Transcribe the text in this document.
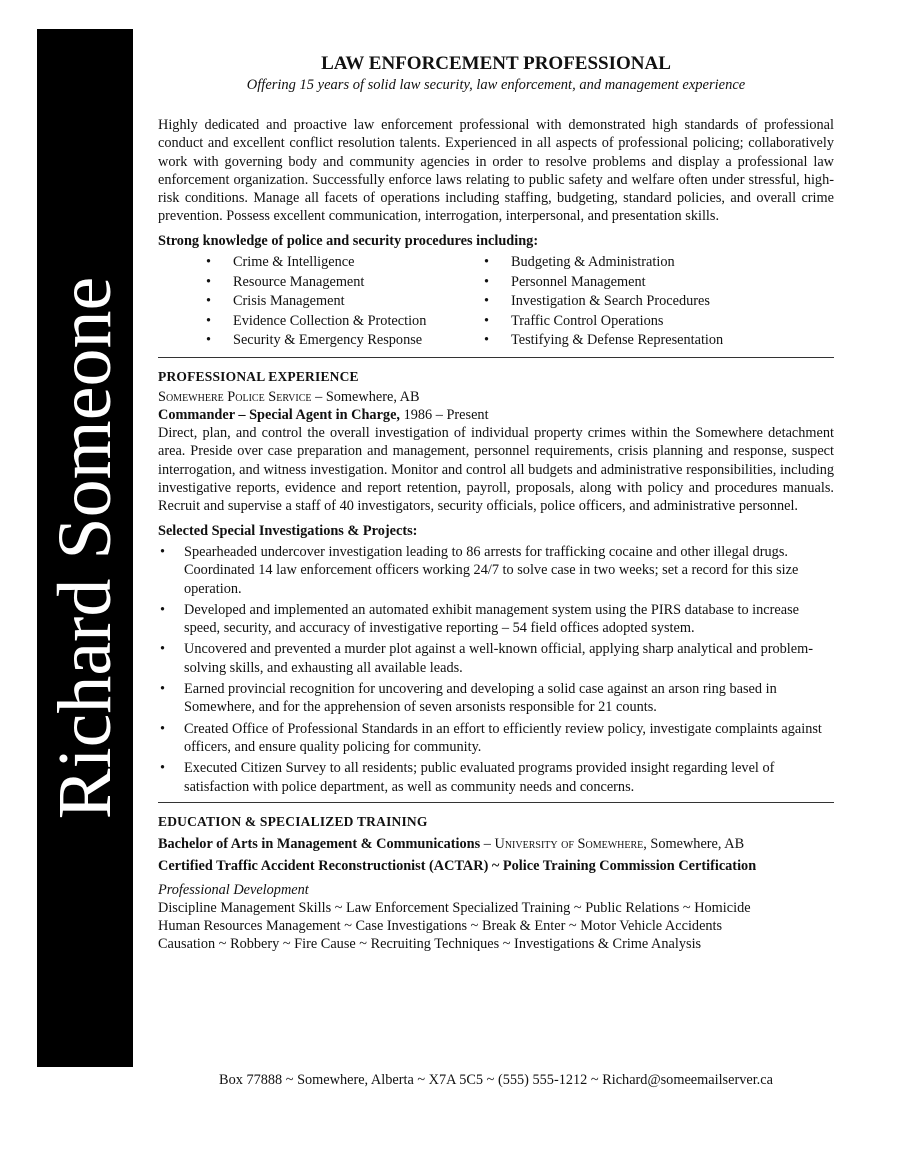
Richard Someone
LAW ENFORCEMENT PROFESSIONAL

Offering 15 years of solid law security, law enforcement, and management experience

Highly dedicated and proactive law enforcement professional with demonstrated high standards of professional conduct and excellent conflict resolution talents. Experienced in all aspects of professional policing; collaboratively work with governing body and community agencies in order to resolve problems and display a professional law enforcement organization. Successfully enforce laws relating to public safety and welfare often under stressful, high-risk conditions. Manage all facets of operations including staffing, budgeting, standard policies, and overall crime prevention. Possess excellent communication, interrogation, interpersonal, and presentation skills.

Strong knowledge of police and security procedures including:
• Crime & Intelligence
• Resource Management
• Crisis Management
• Evidence Collection & Protection
• Security & Emergency Response
• Budgeting & Administration
• Personnel Management
• Investigation & Search Procedures
• Traffic Control Operations
• Testifying & Defense Representation
PROFESSIONAL EXPERIENCE
Somewhere Police Service – Somewhere, AB
Commander – Special Agent in Charge, 1986 – Present

Direct, plan, and control the overall investigation of individual property crimes within the Somewhere detachment area. Preside over case preparation and management, personnel requirements, crisis planning and response, suspect interrogation, and witness investigation. Monitor and control all budgets and administrative responsibilities, including investigative reports, evidence and report retention, payroll, proposals, along with policy and procedures manuals. Recruit and supervise a staff of 40 investigators, security officials, police officers, and administrative personnel.

Selected Special Investigations & Projects:
• Spearheaded undercover investigation leading to 86 arrests for trafficking cocaine and other illegal drugs. Coordinated 14 law enforcement officers working 24/7 to solve case in two weeks; set a record for this size operation.
• Developed and implemented an automated exhibit management system using the PIRS database to increase speed, security, and accuracy of investigative reporting – 54 field offices adopted system.
• Uncovered and prevented a murder plot against a well-known official, applying sharp analytical and problem-solving skills, and exhausting all available leads.
• Earned provincial recognition for uncovering and developing a solid case against an arson ring based in Somewhere, and for the apprehension of seven arsonists responsible for 21 counts.
• Created Office of Professional Standards in an effort to efficiently review policy, investigate complaints against officers, and ensure quality policing for community.
• Executed Citizen Survey to all residents; public evaluated programs provided insight regarding level of satisfaction with police department, as well as community needs and concerns.
EDUCATION & SPECIALIZED TRAINING
Bachelor of Arts in Management & Communications – University of Somewhere, Somewhere, AB
Certified Traffic Accident Reconstructionist (ACTAR) ~ Police Training Commission Certification
Professional Development
Discipline Management Skills ~ Law Enforcement Specialized Training ~ Public Relations ~ Homicide
Human Resources Management ~ Case Investigations ~ Break & Enter ~ Motor Vehicle Accidents
Causation ~ Robbery ~ Fire Cause ~ Recruiting Techniques ~ Investigations & Crime Analysis
Box 77888 ~ Somewhere, Alberta ~ X7A 5C5 ~ (555) 555-1212 ~ Richard@someemailserver.ca
